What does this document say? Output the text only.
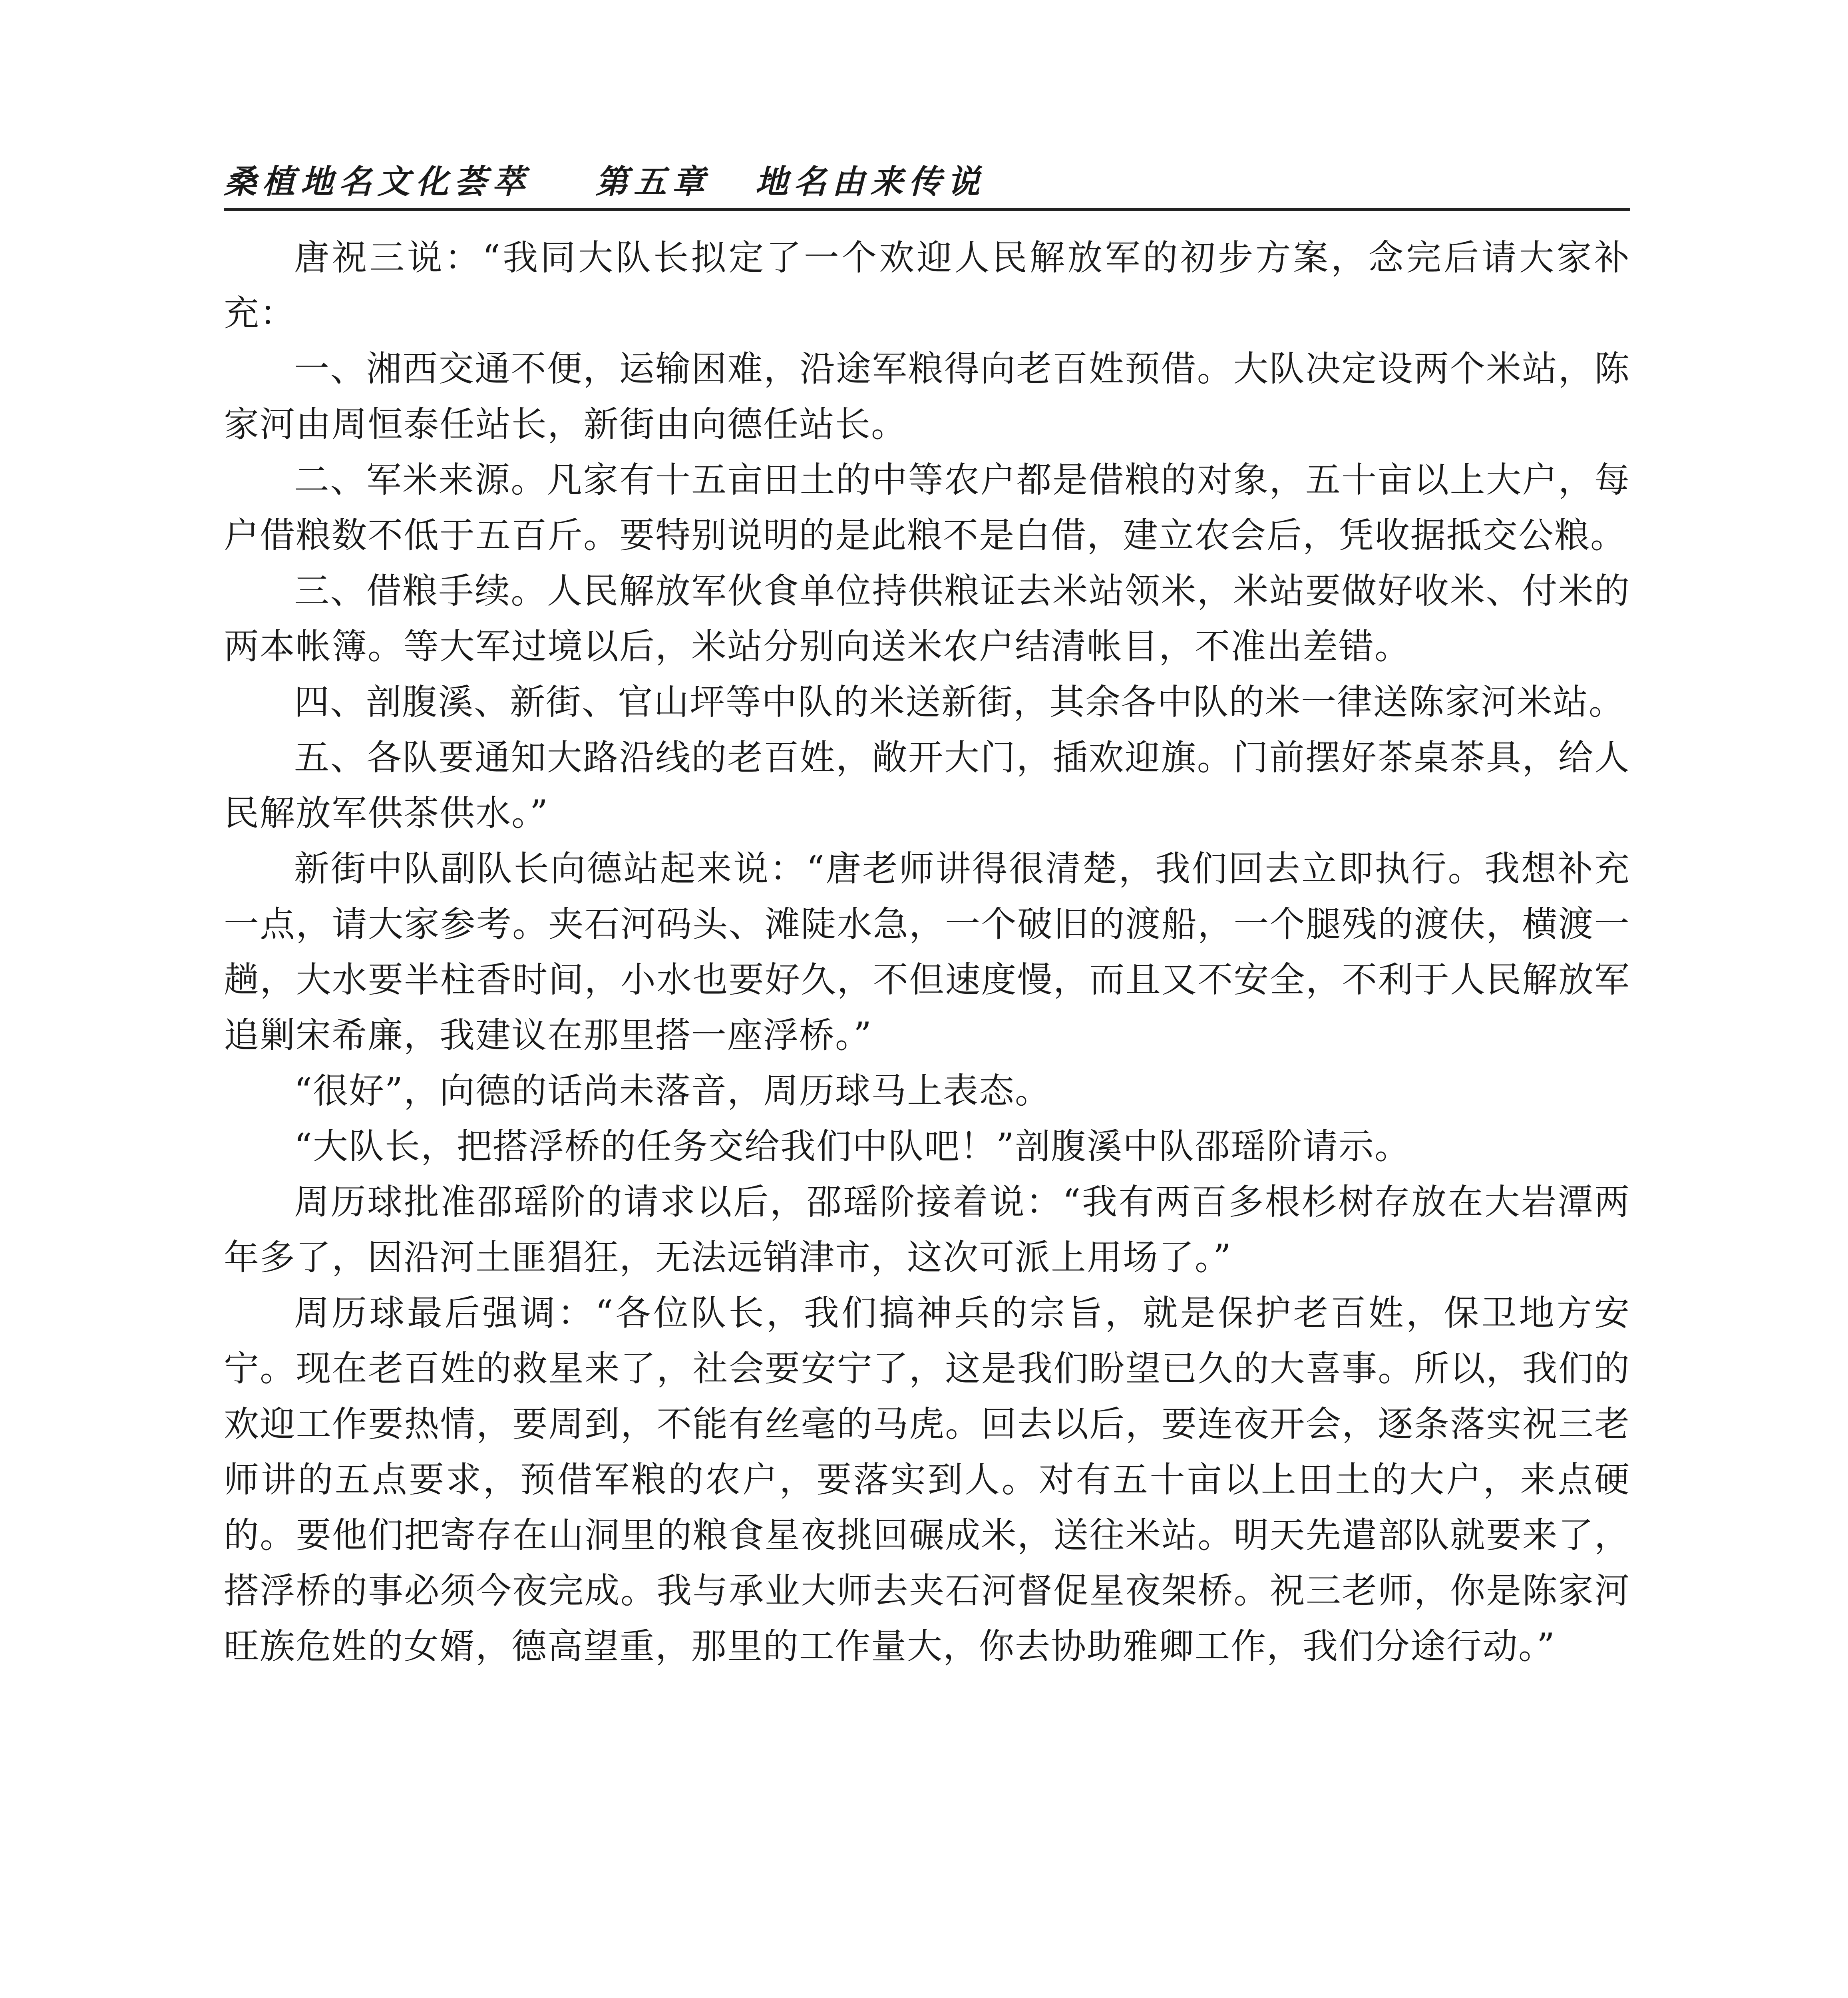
桑植地名文化荟萃 第五章 地名由来传说

唐祝三说：“我同大队长拟定了一个欢迎人民解放军的初步方案，念完后请大家补充：

一、湘西交通不便，运输困难，沿途军粮得向老百姓预借。大队决定设两个米站，陈家河由周恒泰任站长，新街由向德任站长。

二、军米来源。凡家有十五亩田土的中等农户都是借粮的对象，五十亩以上大户，每户借粮数不低于五百斤。要特别说明的是此粮不是白借，建立农会后，凭收据抵交公粮。

三、借粮手续。人民解放军伙食单位持供粮证去米站领米，米站要做好收米、付米的两本帐簿。等大军过境以后，米站分别向送米农户结清帐目，不准出差错。

四、剖腹溪、新街、官山坪等中队的米送新街，其余各中队的米一律送陈家河米站。

五、各队要通知大路沿线的老百姓，敞开大门，插欢迎旗。门前摆好茶桌茶具，给人民解放军供茶供水。”

新街中队副队长向德站起来说：“唐老师讲得很清楚，我们回去立即执行。我想补充一点，请大家参考。夹石河码头、滩陡水急，一个破旧的渡船，一个腿残的渡伕，横渡一趟，大水要半柱香时间，小水也要好久，不但速度慢，而且又不安全，不利于人民解放军追剿宋希廉，我建议在那里搭一座浮桥。”

“很好”，向德的话尚未落音，周历球马上表态。

“大队长，把搭浮桥的任务交给我们中队吧！”剖腹溪中队邵瑶阶请示。

周历球批准邵瑶阶的请求以后，邵瑶阶接着说：“我有两百多根杉树存放在大岩潭两年多了，因沿河土匪猖狂，无法远销津市，这次可派上用场了。”

周历球最后强调：“各位队长，我们搞神兵的宗旨，就是保护老百姓，保卫地方安宁。现在老百姓的救星来了，社会要安宁了，这是我们盼望已久的大喜事。所以，我们的欢迎工作要热情，要周到，不能有丝毫的马虎。回去以后，要连夜开会，逐条落实祝三老师讲的五点要求，预借军粮的农户，要落实到人。对有五十亩以上田土的大户，来点硬的。要他们把寄存在山洞里的粮食星夜挑回碾成米，送往米站。明天先遣部队就要来了，搭浮桥的事必须今夜完成。我与承业大师去夹石河督促星夜架桥。祝三老师，你是陈家河旺族危姓的女婿，德高望重，那里的工作量大，你去协助雅卿工作，我们分途行动。”
